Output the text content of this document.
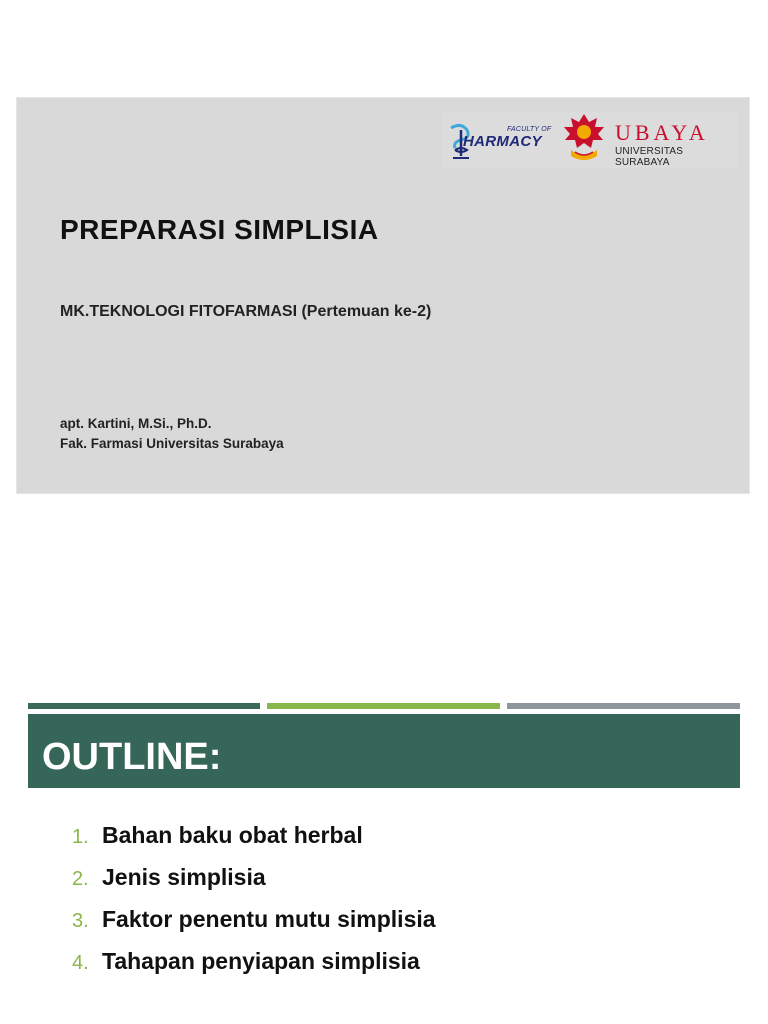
FACULTY OF
HARMACY	UBAYA
UNIVERSITAS SURABAYA
PREPARASI SIMPLISIA
MK.TEKNOLOGI FITOFARMASI (Pertemuan ke-2)
apt. Kartini, M.Si., Ph.D.
Fak. Farmasi Universitas Surabaya
OUTLINE:
1. Bahan baku obat herbal
2. Jenis simplisia
3. Faktor penentu mutu simplisia
4. Tahapan penyiapan simplisia
